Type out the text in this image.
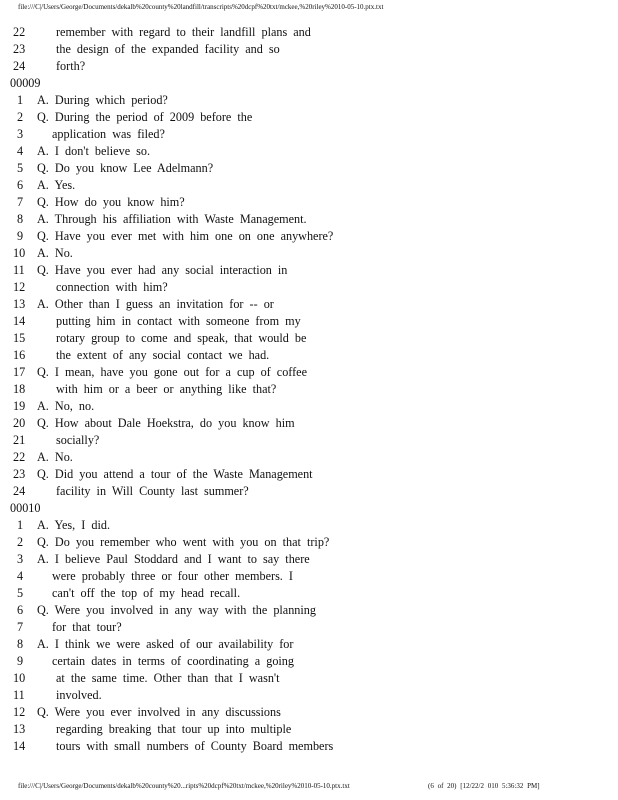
file:///C|/Users/George/Documents/dekalb%20county%20landfill/transcripts%20dcpf%20txt/mckee,%20riley%2010-05-10.ptx.txt
22	remember with regard to their landfill plans and
23	the design of the expanded facility and so
24	forth?
00009
1 A. During which period?
2 Q. During the period of 2009 before the
3 application was filed?
4 A. I don't believe so.
5 Q. Do you know Lee Adelmann?
6 A. Yes.
7 Q. How do you know him?
8 A. Through his affiliation with Waste Management.
9 Q. Have you ever met with him one on one anywhere?
10 A. No.
11 Q. Have you ever had any social interaction in
12	connection with him?
13 A. Other than I guess an invitation for -- or
14	putting him in contact with someone from my
15	rotary group to come and speak, that would be
16	the extent of any social contact we had.
17 Q. I mean, have you gone out for a cup of coffee
18	with him or a beer or anything like that?
19 A. No, no.
20 Q. How about Dale Hoekstra, do you know him
21	socially?
22 A. No.
23 Q. Did you attend a tour of the Waste Management
24	facility in Will County last summer?
00010
1 A. Yes, I did.
2 Q. Do you remember who went with you on that trip?
3 A. I believe Paul Stoddard and I want to say there
4 were probably three or four other members. I
5 can't off the top of my head recall.
6 Q. Were you involved in any way with the planning
7 for that tour?
8 A. I think we were asked of our availability for
9 certain dates in terms of coordinating a going
10	at the same time. Other than that I wasn't
11	involved.
12 Q. Were you ever involved in any discussions
13	regarding breaking that tour up into multiple
14	tours with small numbers of County Board members
file:///C|/Users/George/Documents/dekalb%20county%20...ripts%20dcpf%20txt/mckee,%20riley%2010-05-10.ptx.txt	(6 of 20) [12/22/2 010 5:36:32 PM]
